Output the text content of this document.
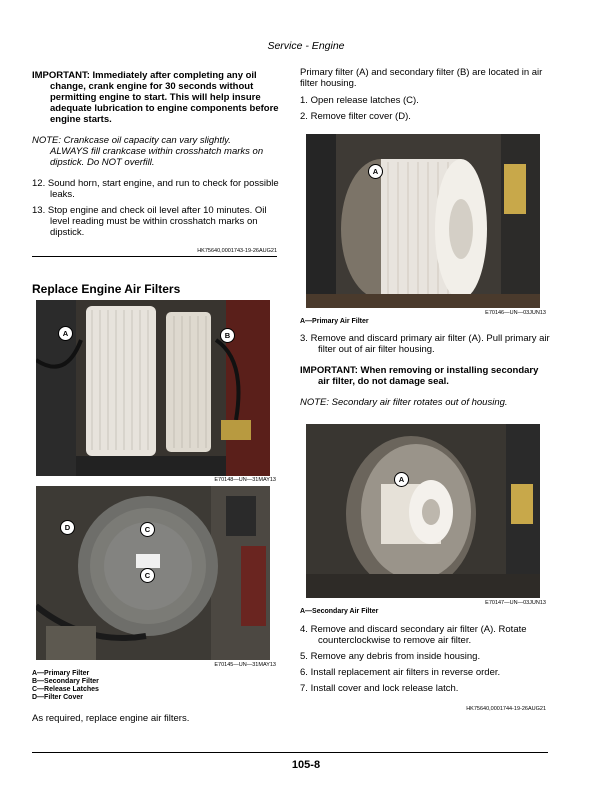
Service - Engine
IMPORTANT: Immediately after completing any oil change, crank engine for 30 seconds without permitting engine to start. This will help insure adequate lubrication to engine components before engine starts.
NOTE: Crankcase oil capacity can vary slightly.
ALWAYS fill crankcase within crosshatch marks on dipstick. Do NOT overfill.
12. Sound horn, start engine, and run to check for possible leaks.
13. Stop engine and check oil level after 10 minutes. Oil level reading must be within crosshatch marks on dipstick.
HK75640,0001743-19-26AUG21
Replace Engine Air Filters
A	B
E70148—UN—31MAY13
D	C
C
E70145—UN—31MAY13
A—Primary Filter
B—Secondary Filter
C—Release Latches
D—Filter Cover
As required, replace engine air filters.
Primary filter (A) and secondary filter (B) are located in air filter housing.
1. Open release latches (C).
2. Remove filter cover (D).
A
E70146—UN—03JUN13
A—Primary Air Filter
3. Remove and discard primary air filter (A). Pull primary air filter out of air filter housing.
IMPORTANT: When removing or installing secondary air filter, do not damage seal.
NOTE: Secondary air filter rotates out of housing.
A
E70147—UN—03JUN13
A—Secondary Air Filter
4. Remove and discard secondary air filter (A). Rotate counterclockwise to remove air filter.
5. Remove any debris from inside housing.
6. Install replacement air filters in reverse order.
7. Install cover and lock release latch.
HK75640,0001744-19-26AUG21
105-8
